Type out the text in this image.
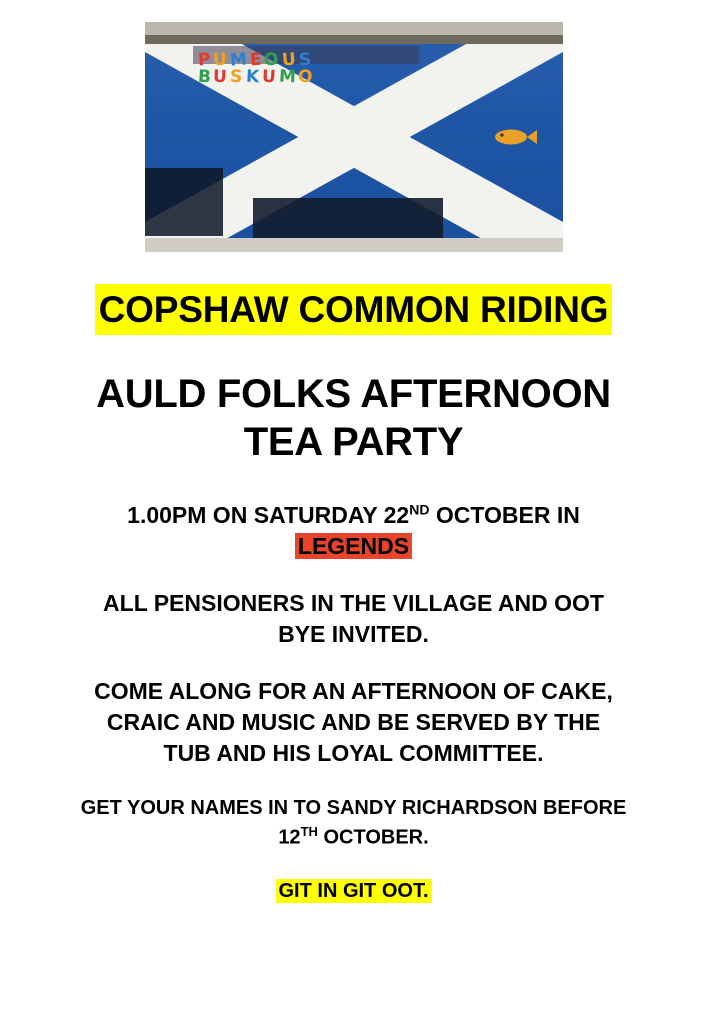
PUMEOUS
BUSKUMO
COPSHAW COMMON RIDING
AULD FOLKS AFTERNOON
TEA PARTY
1.00PM ON SATURDAY 22ND OCTOBER IN
LEGENDS
ALL PENSIONERS IN THE VILLAGE AND OOT
BYE INVITED.
COME ALONG FOR AN AFTERNOON OF CAKE,
CRAIC AND MUSIC AND BE SERVED BY THE
TUB AND HIS LOYAL COMMITTEE.
GET YOUR NAMES IN TO SANDY RICHARDSON BEFORE
12TH OCTOBER.
GIT IN GIT OOT.
